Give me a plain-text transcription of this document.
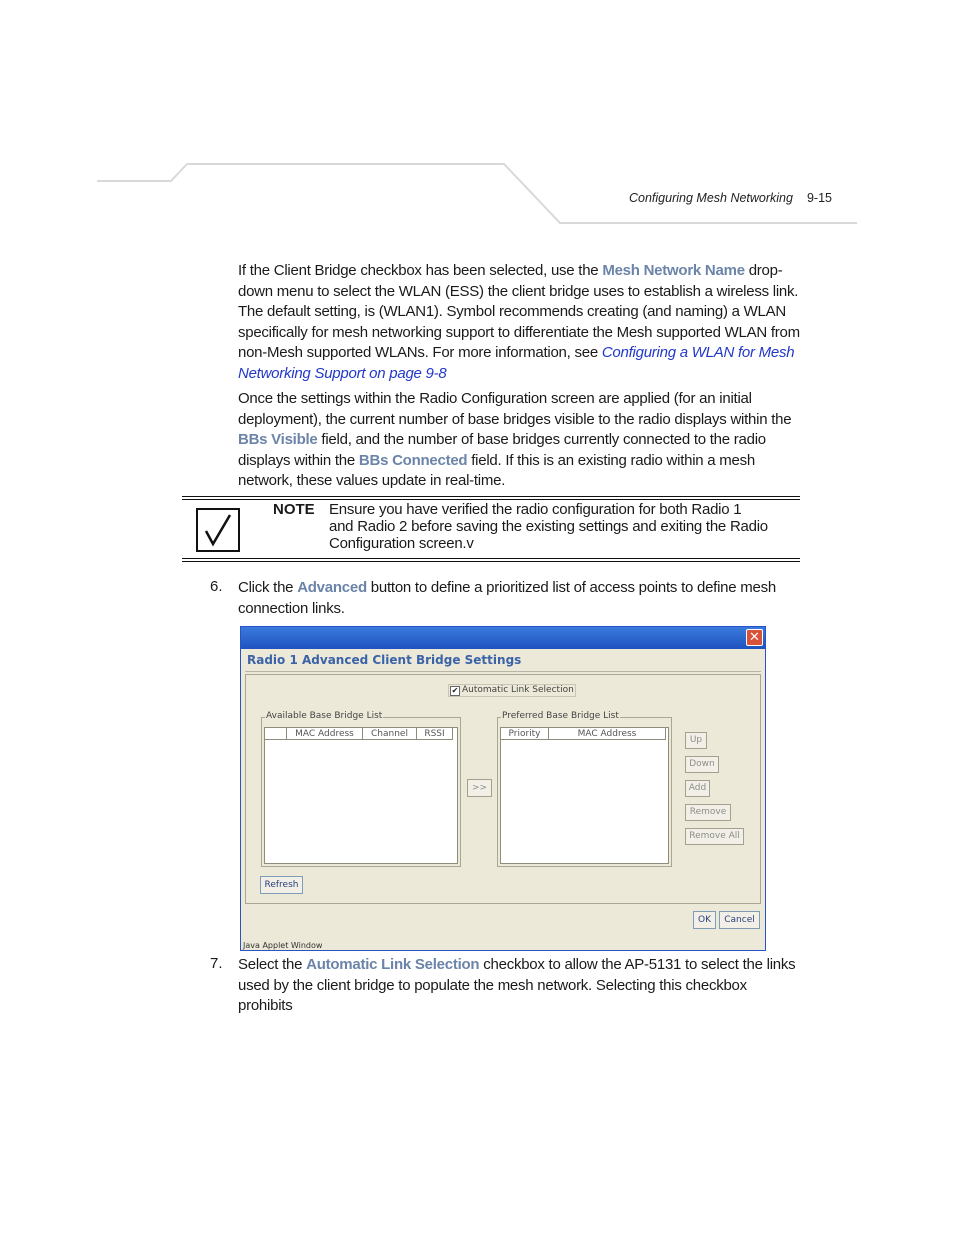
Configuring Mesh Networking 9-15
If the Client Bridge checkbox has been selected, use the Mesh Network Name drop-down menu to select the WLAN (ESS) the client bridge uses to establish a wireless link. The default setting, is (WLAN1). Symbol recommends creating (and naming) a WLAN specifically for mesh networking support to differentiate the Mesh supported WLAN from non-Mesh supported WLANs. For more information, see Configuring a WLAN for Mesh Networking Support on page 9-8
Once the settings within the Radio Configuration screen are applied (for an initial deployment), the current number of base bridges visible to the radio displays within the BBs Visible field, and the number of base bridges currently connected to the radio displays within the BBs Connected field. If this is an existing radio within a mesh network, these values update in real-time.
NOTE Ensure you have verified the radio configuration for both Radio 1 and Radio 2 before saving the existing settings and exiting the Radio Configuration screen.v
6. Click the Advanced button to define a prioritized list of access points to define mesh connection links.
✕
Radio 1 Advanced Client Bridge Settings
✔ Automatic Link Selection
Available Base Bridge List
MAC Address	Channel	RSSI
>>
Preferred Base Bridge List
Priority	MAC Address
Up
Down
Add
Remove
Remove All
Refresh
OK	Cancel
Java Applet Window
7. Select the Automatic Link Selection checkbox to allow the AP-5131 to select the links used by the client bridge to populate the mesh network. Selecting this checkbox prohibits
